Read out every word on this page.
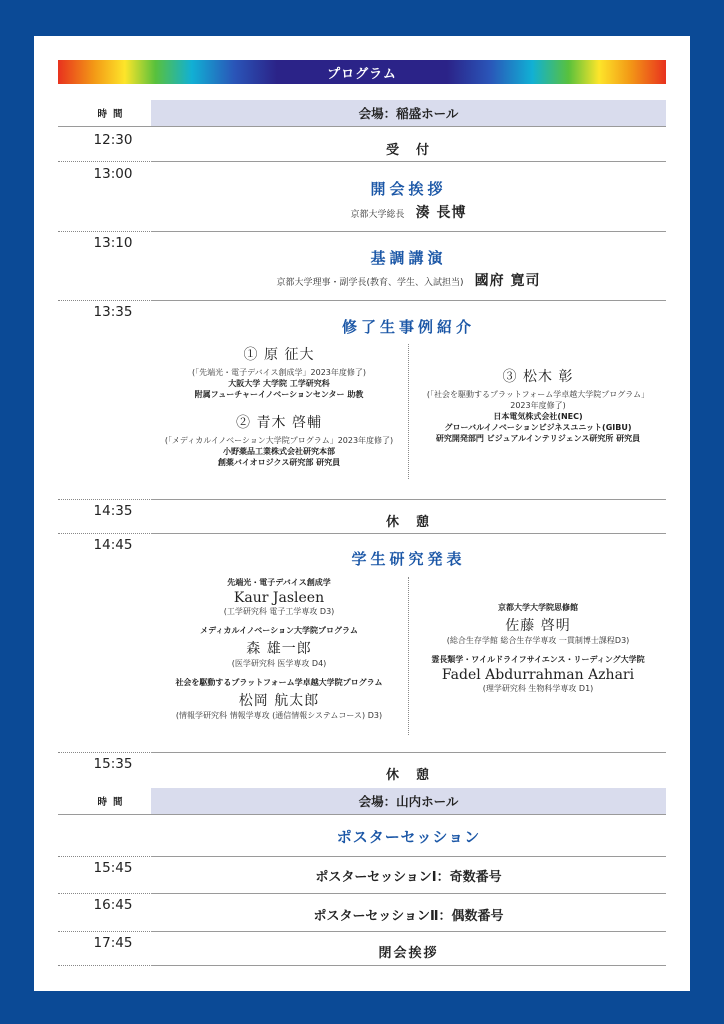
プログラム
時間	会場：稲盛ホール
12:30
受　付
13:00
開会挨拶
京都大学総長 湊 長博
13:10
基調講演
京都大学理事・副学長(教育、学生、入試担当) 國府 寛司
13:35
修了生事例紹介
① 原 征大
(「先端光・電子デバイス創成学」2023年度修了)
大阪大学 大学院 工学研究科
附属フューチャーイノベーションセンター 助教
② 青木 啓輔
(「メディカルイノベーション大学院プログラム」2023年度修了)
小野薬品工業株式会社研究本部
創薬バイオロジクス研究部 研究員
③ 松木 彰
(「社会を駆動するプラットフォーム学卓越大学院プログラム」
2023年度修了)
日本電気株式会社(NEC)
グローバルイノベーションビジネスユニット(GIBU)
研究開発部門 ビジュアルインテリジェンス研究所 研究員
14:35
休　憩
14:45
学生研究発表
先端光・電子デバイス創成学
Kaur Jasleen
(工学研究科 電子工学専攻 D3)
メディカルイノベーション大学院プログラム
森 雄一郎
(医学研究科 医学専攻 D4)
社会を駆動するプラットフォーム学卓越大学院プログラム
松岡 航太郎
(情報学研究科 情報学専攻 (通信情報システムコース) D3)
京都大学大学院思修館
佐藤 啓明
(総合生存学館 総合生存学専攻 一貫制博士課程D3)
霊長類学・ワイルドライフサイエンス・リーディング大学院
Fadel Abdurrahman Azhari
(理学研究科 生物科学専攻 D1)
15:35
休　憩
時間	会場：山内ホール
ポスターセッション
15:45
ポスターセッションⅠ：奇数番号
16:45
ポスターセッションⅡ：偶数番号
17:45
閉会挨拶
